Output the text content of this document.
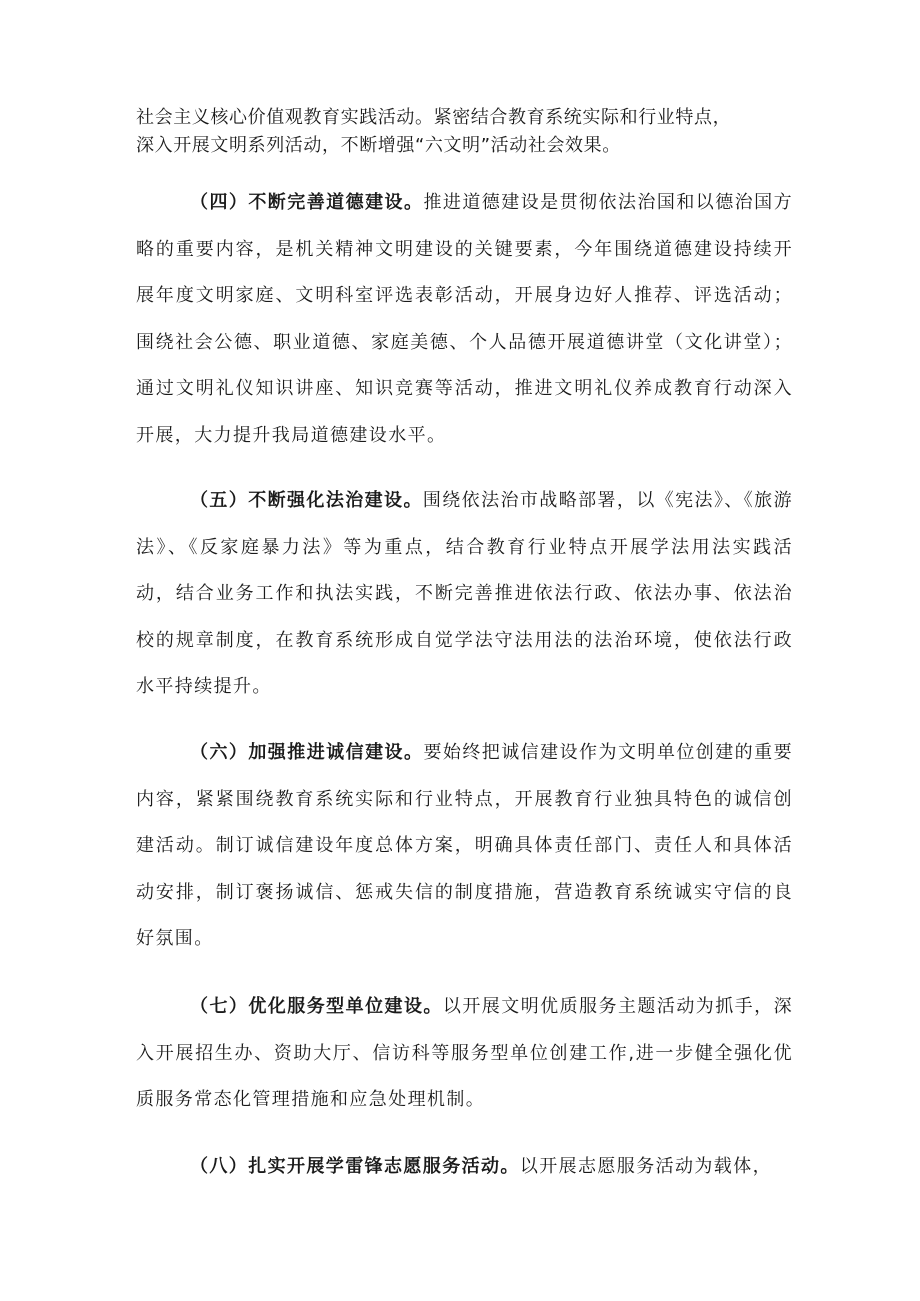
社会主义核心价值观教育实践活动。紧密结合教育系统实际和行业特点，
深入开展文明系列活动，不断增强“六文明”活动社会效果。

（四）不断完善道德建设。推进道德建设是贯彻依法治国和以德治国方略的重要内容，是机关精神文明建设的关键要素，今年围绕道德建设持续开展年度文明家庭、文明科室评选表彰活动，开展身边好人推荐、评选活动；围绕社会公德、职业道德、家庭美德、个人品德开展道德讲堂（文化讲堂）；通过文明礼仪知识讲座、知识竞赛等活动，推进文明礼仪养成教育行动深入开展，大力提升我局道德建设水平。

（五）不断强化法治建设。围绕依法治市战略部署，以《宪法》、《旅游法》、《反家庭暴力法》等为重点，结合教育行业特点开展学法用法实践活动，结合业务工作和执法实践，不断完善推进依法行政、依法办事、依法治校的规章制度，在教育系统形成自觉学法守法用法的法治环境，使依法行政水平持续提升。

（六）加强推进诚信建设。要始终把诚信建设作为文明单位创建的重要内容，紧紧围绕教育系统实际和行业特点，开展教育行业独具特色的诚信创建活动。制订诚信建设年度总体方案，明确具体责任部门、责任人和具体活动安排，制订褒扬诚信、惩戒失信的制度措施，营造教育系统诚实守信的良好氛围。

（七）优化服务型单位建设。以开展文明优质服务主题活动为抓手，深入开展招生办、资助大厅、信访科等服务型单位创建工作,进一步健全强化优质服务常态化管理措施和应急处理机制。

（八）扎实开展学雷锋志愿服务活动。以开展志愿服务活动为载体，
